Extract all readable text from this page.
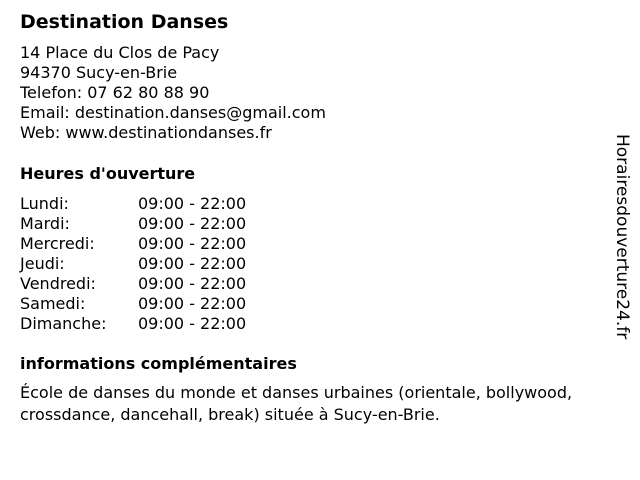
Destination Danses
14 Place du Clos de Pacy
94370 Sucy-en-Brie
Telefon: 07 62 80 88 90
Email: destination.danses@gmail.com
Web: www.destinationdanses.fr
Heures d'ouverture
Lundi:	09:00 - 22:00
Mardi:	09:00 - 22:00
Mercredi:	09:00 - 22:00
Jeudi:	09:00 - 22:00
Vendredi:	09:00 - 22:00
Samedi:	09:00 - 22:00
Dimanche:	09:00 - 22:00
informations complémentaires
École de danses du monde et danses urbaines (orientale, bollywood,
crossdance, dancehall, break) située à Sucy-en-Brie.
Horairesdouverture24.fr
